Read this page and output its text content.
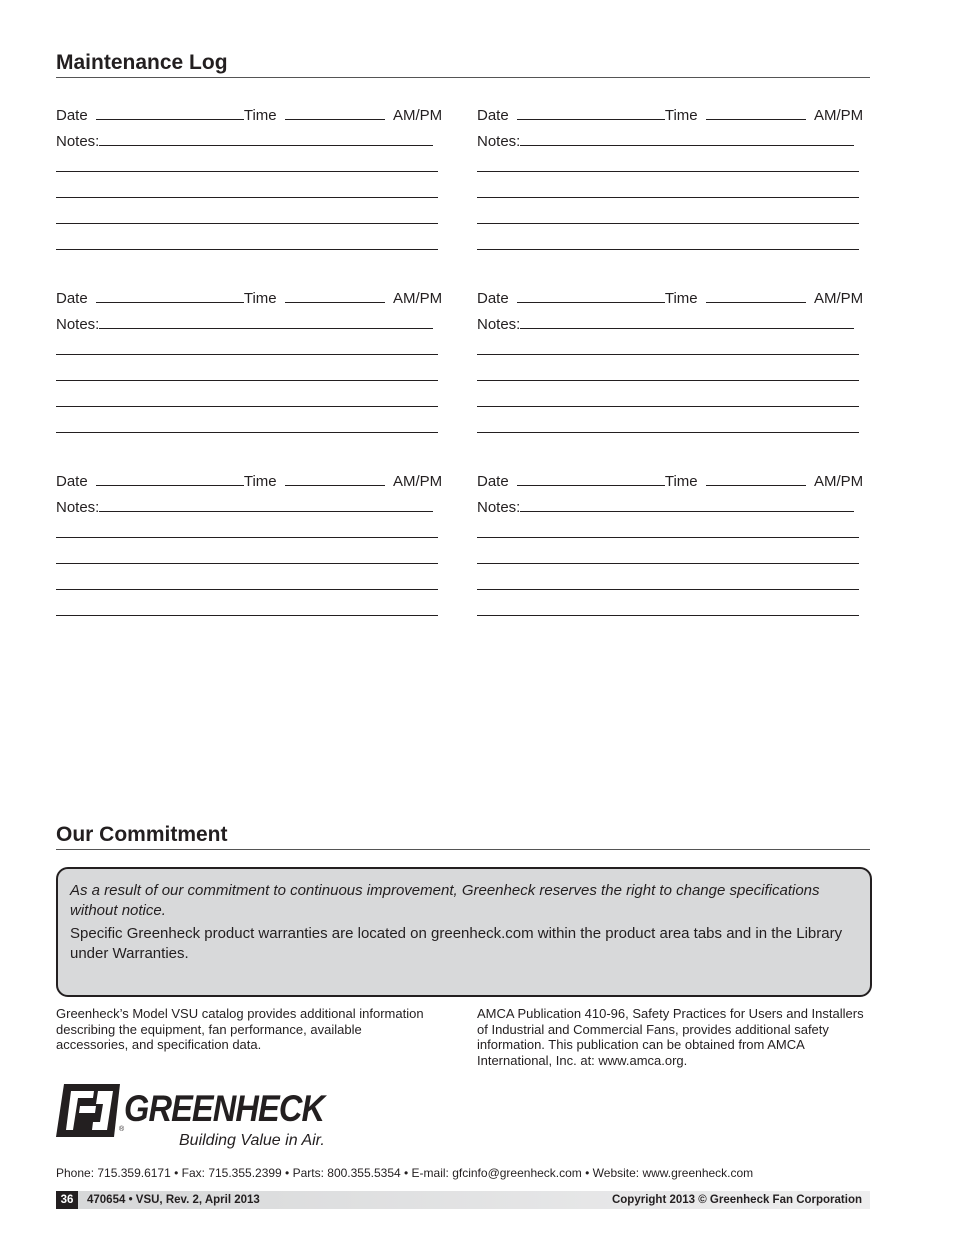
Maintenance Log
Date	Time	AM/PM
Notes:
Date	Time	AM/PM
Notes:
Date	Time	AM/PM
Notes:
Date	Time	AM/PM
Notes:
Date	Time	AM/PM
Notes:
Date	Time	AM/PM
Notes:
Our Commitment

As a result of our commitment to continuous improvement, Greenheck reserves the right to change specifications without notice.

Specific Greenheck product warranties are located on greenheck.com within the product area tabs and in the Library under Warranties.

Greenheck’s Model VSU catalog provides additional information describing the equipment, fan performance, available accessories, and specification data.
AMCA Publication 410-96, Safety Practices for Users and Installers of Industrial and Commercial Fans, provides additional safety information. This publication can be obtained from AMCA International, Inc. at: www.amca.org.
®
GREENHECK
Building Value in Air.
Phone: 715.359.6171 • Fax: 715.355.2399 • Parts: 800.355.5354 • E-mail: gfcinfo@greenheck.com • Website: www.greenheck.com
36	470654 • VSU, Rev. 2, April 2013	Copyright 2013 © Greenheck Fan Corporation
